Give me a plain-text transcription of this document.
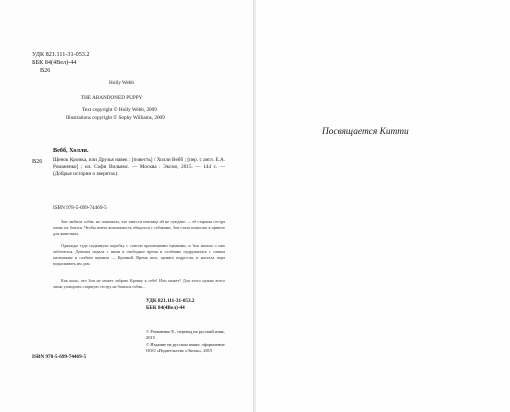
УДК 821.111-31-053.2
ББК 84(4Вел)-44
В26
Holly Webb
THE ABANDONED PUPPY
Text copyright © Holly Webb, 2009
Illustrations copyright © Sophy Williams, 2009
Вебб, Холли.
В26 Щенок Кроика, или Друзья навек : [повесть] / Холли Вебб ; [пер. с англ. Е.А. Романенко] ; ил. Софи Вильямс. — Москва : Эксмо, 2015. — 144 с. — (Добрые истории о зверятах).
ISBN 978-5-699-74469-5
Зои любила собак, но понимала, что завести питомца ей не суждено — её старшая сестра очень их боится. Чтобы иметь возможность общаться с собаками, Зои стала помогать в приюте для животных.
Однажды туда подкинули коробку с совсем крошечными щенками, и Зои начала о них заботиться. Девочка играла с ними в свободное время и особенно подружилась с самым маленьким и слабым щенком — Кровкой. Время шло, щенята подросли, и настала пора подыскивать им дом.
Как жаль, что Зои не может забрать Кровку к себе! Или может? Для этого нужно всего лишь уговорить старшую сестру не бояться собак...
УДК 821.111-31-053.2
ББК 84(4Вел)-44
© Романенко Е., перевод на русский язык, 2015
© Издание на русском языке, оформление. ООО «Издательство «Эксмо», 2015
ISBN 978-5-699-74469-5
Посвящается Китти
